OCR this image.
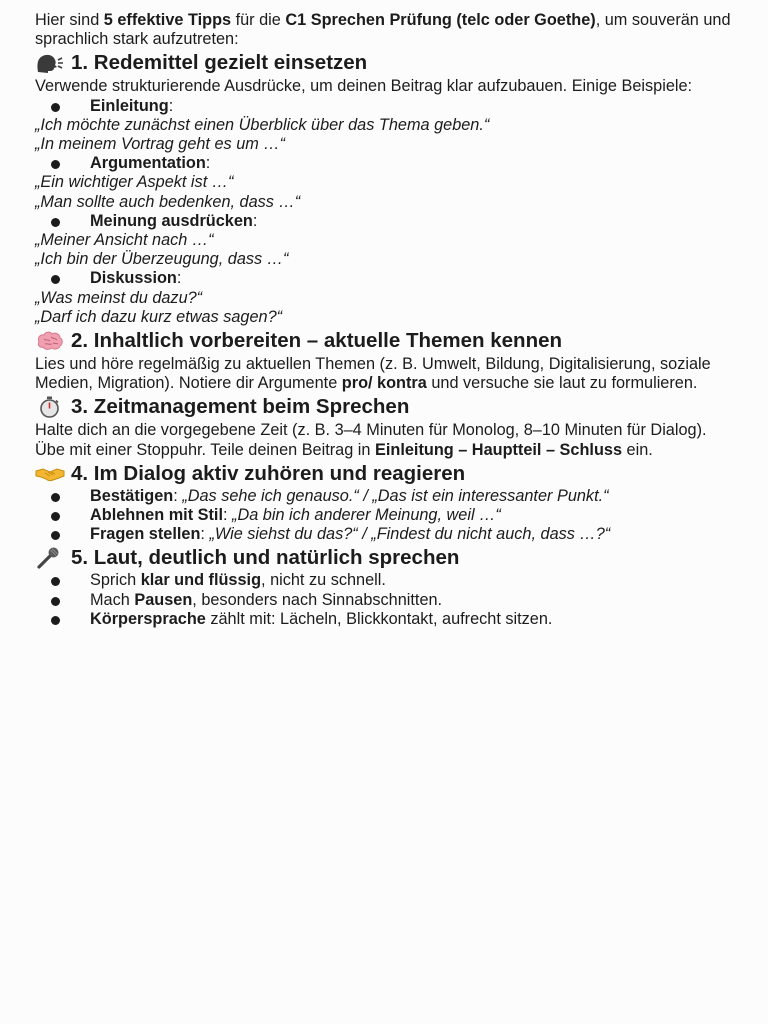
Hier sind 5 effektive Tipps für die C1 Sprechen Prüfung (telc oder Goethe), um souverän und sprachlich stark aufzutreten:

1. Redemittel gezielt einsetzen

Verwende strukturierende Ausdrücke, um deinen Beitrag klar aufzubauen. Einige Beispiele:

Einleitung:

„Ich möchte zunächst einen Überblick über das Thema geben.“

„In meinem Vortrag geht es um …“

Argumentation:

„Ein wichtiger Aspekt ist …“

„Man sollte auch bedenken, dass …“

Meinung ausdrücken:

„Meiner Ansicht nach …“

„Ich bin der Überzeugung, dass …“

Diskussion:

„Was meinst du dazu?“

„Darf ich dazu kurz etwas sagen?“

2. Inhaltlich vorbereiten – aktuelle Themen kennen

Lies und höre regelmäßig zu aktuellen Themen (z. B. Umwelt, Bildung, Digitalisierung, soziale Medien, Migration). Notiere dir Argumente pro/ kontra und versuche sie laut zu formulieren.

3. Zeitmanagement beim Sprechen

Halte dich an die vorgegebene Zeit (z. B. 3–4 Minuten für Monolog, 8–10 Minuten für Dialog). Übe mit einer Stoppuhr. Teile deinen Beitrag in Einleitung – Hauptteil – Schluss ein.

4. Im Dialog aktiv zuhören und reagieren
Bestätigen: „Das sehe ich genauso.“ / „Das ist ein interessanter Punkt.“
Ablehnen mit Stil: „Da bin ich anderer Meinung, weil …“
Fragen stellen: „Wie siehst du das?“ / „Findest du nicht auch, dass …?“
5. Laut, deutlich und natürlich sprechen
Sprich klar und flüssig, nicht zu schnell.
Mach Pausen, besonders nach Sinnabschnitten.
Körpersprache zählt mit: Lächeln, Blickkontakt, aufrecht sitzen.
